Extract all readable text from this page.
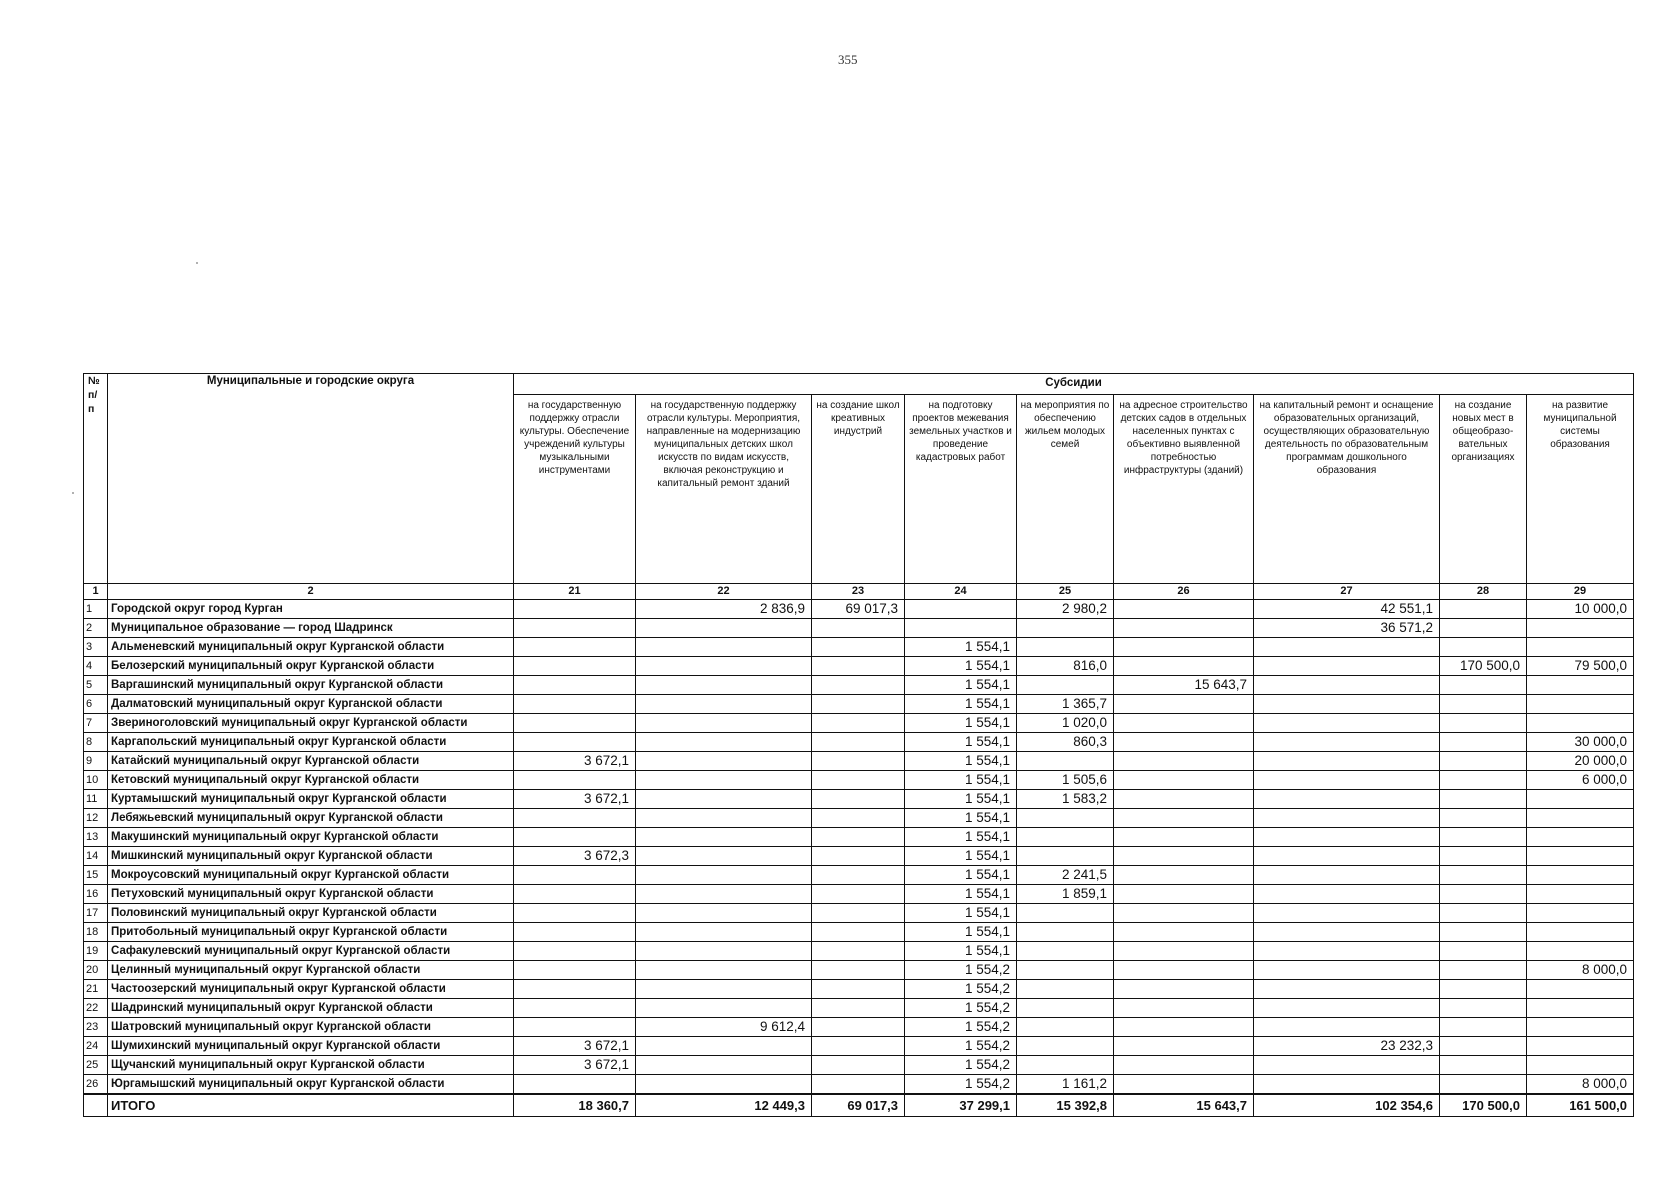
355
№ п/п	Муниципальные и городские округа	Субсидии								
		на государственную поддержку отрасли культуры. Обеспечение учреждений культуры музыкальными инструментами	на государственную поддержку отрасли культуры. Мероприятия, направленные на модернизацию муниципальных детских школ искусств по видам искусств, включая реконструкцию и капитальный ремонт зданий	на создание школ креативных индустрий	на подготовку проектов межевания земельных участков и проведение кадастровых работ	на мероприятия по обеспечению жильем молодых семей	на адресное строительство детских садов в отдельных населенных пунктах с объективно выявленной потребностью инфраструктуры (зданий)	на капитальный ремонт и оснащение образовательных организаций, осуществляющих образовательную деятельность по образовательным программам дошкольного образования	на создание новых мест в общеобразо-вательных организациях	на развитие муниципальной системы образования
1	2	21	22	23	24	25	26	27	28	29
1	Городской округ город Курган		2 836,9	69 017,3		2 980,2		42 551,1		10 000,0
2	Муниципальное образование — город Шадринск							36 571,2		
3	Альменевский муниципальный округ Курганской области				1 554,1					
4	Белозерский муниципальный округ Курганской области				1 554,1	816,0			170 500,0	79 500,0
5	Варгашинский муниципальный округ Курганской области				1 554,1		15 643,7			
6	Далматовский муниципальный округ Курганской области				1 554,1	1 365,7				
7	Звериноголовский муниципальный округ Курганской области				1 554,1	1 020,0				
8	Каргапольский муниципальный округ Курганской области				1 554,1	860,3				30 000,0
9	Катайский муниципальный округ Курганской области	3 672,1			1 554,1					20 000,0
10	Кетовский муниципальный округ Курганской области				1 554,1	1 505,6				6 000,0
11	Куртамышский муниципальный округ Курганской области	3 672,1			1 554,1	1 583,2				
12	Лебяжьевский муниципальный округ Курганской области				1 554,1					
13	Макушинский муниципальный округ Курганской области				1 554,1					
14	Мишкинский муниципальный округ Курганской области	3 672,3			1 554,1					
15	Мокроусовский муниципальный округ Курганской области				1 554,1	2 241,5				
16	Петуховский муниципальный округ Курганской области				1 554,1	1 859,1				
17	Половинский муниципальный округ Курганской области				1 554,1					
18	Притобольный муниципальный округ Курганской области				1 554,1					
19	Сафакулевский муниципальный округ Курганской области				1 554,1					
20	Целинный муниципальный округ Курганской области				1 554,2					8 000,0
21	Частоозерский муниципальный округ Курганской области				1 554,2					
22	Шадринский муниципальный округ Курганской области				1 554,2					
23	Шатровский муниципальный округ Курганской области		9 612,4		1 554,2					
24	Шумихинский муниципальный округ Курганской области	3 672,1			1 554,2			23 232,3		
25	Щучанский муниципальный округ Курганской области	3 672,1			1 554,2					
26	Юргамышский муниципальный округ Курганской области				1 554,2	1 161,2				8 000,0
	ИТОГО	18 360,7	12 449,3	69 017,3	37 299,1	15 392,8	15 643,7	102 354,6	170 500,0	161 500,0
